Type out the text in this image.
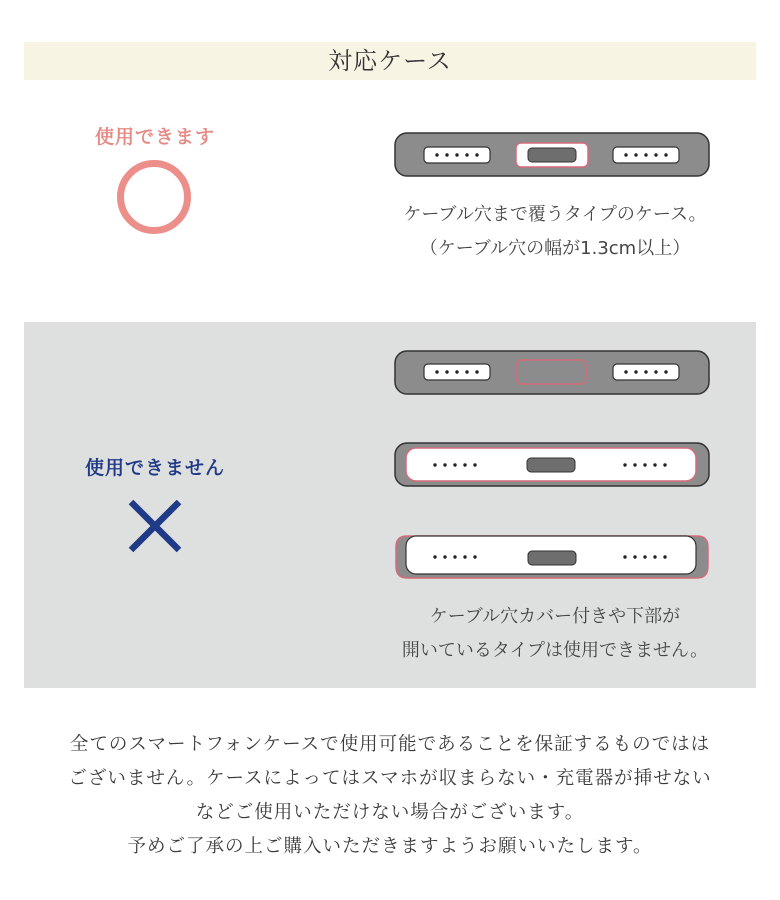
対応ケース
使用できます
ケーブル穴まで覆うタイプのケース。
（ケーブル穴の幅が1.3cm以上）
使用できません
ケーブル穴カバー付きや下部が
開いているタイプは使用できません。
全てのスマートフォンケースで使用可能であることを保証するものではは
ございません。ケースによってはスマホが収まらない・充電器が挿せない
などご使用いただけない場合がございます。
予めご了承の上ご購入いただきますようお願いいたします。
